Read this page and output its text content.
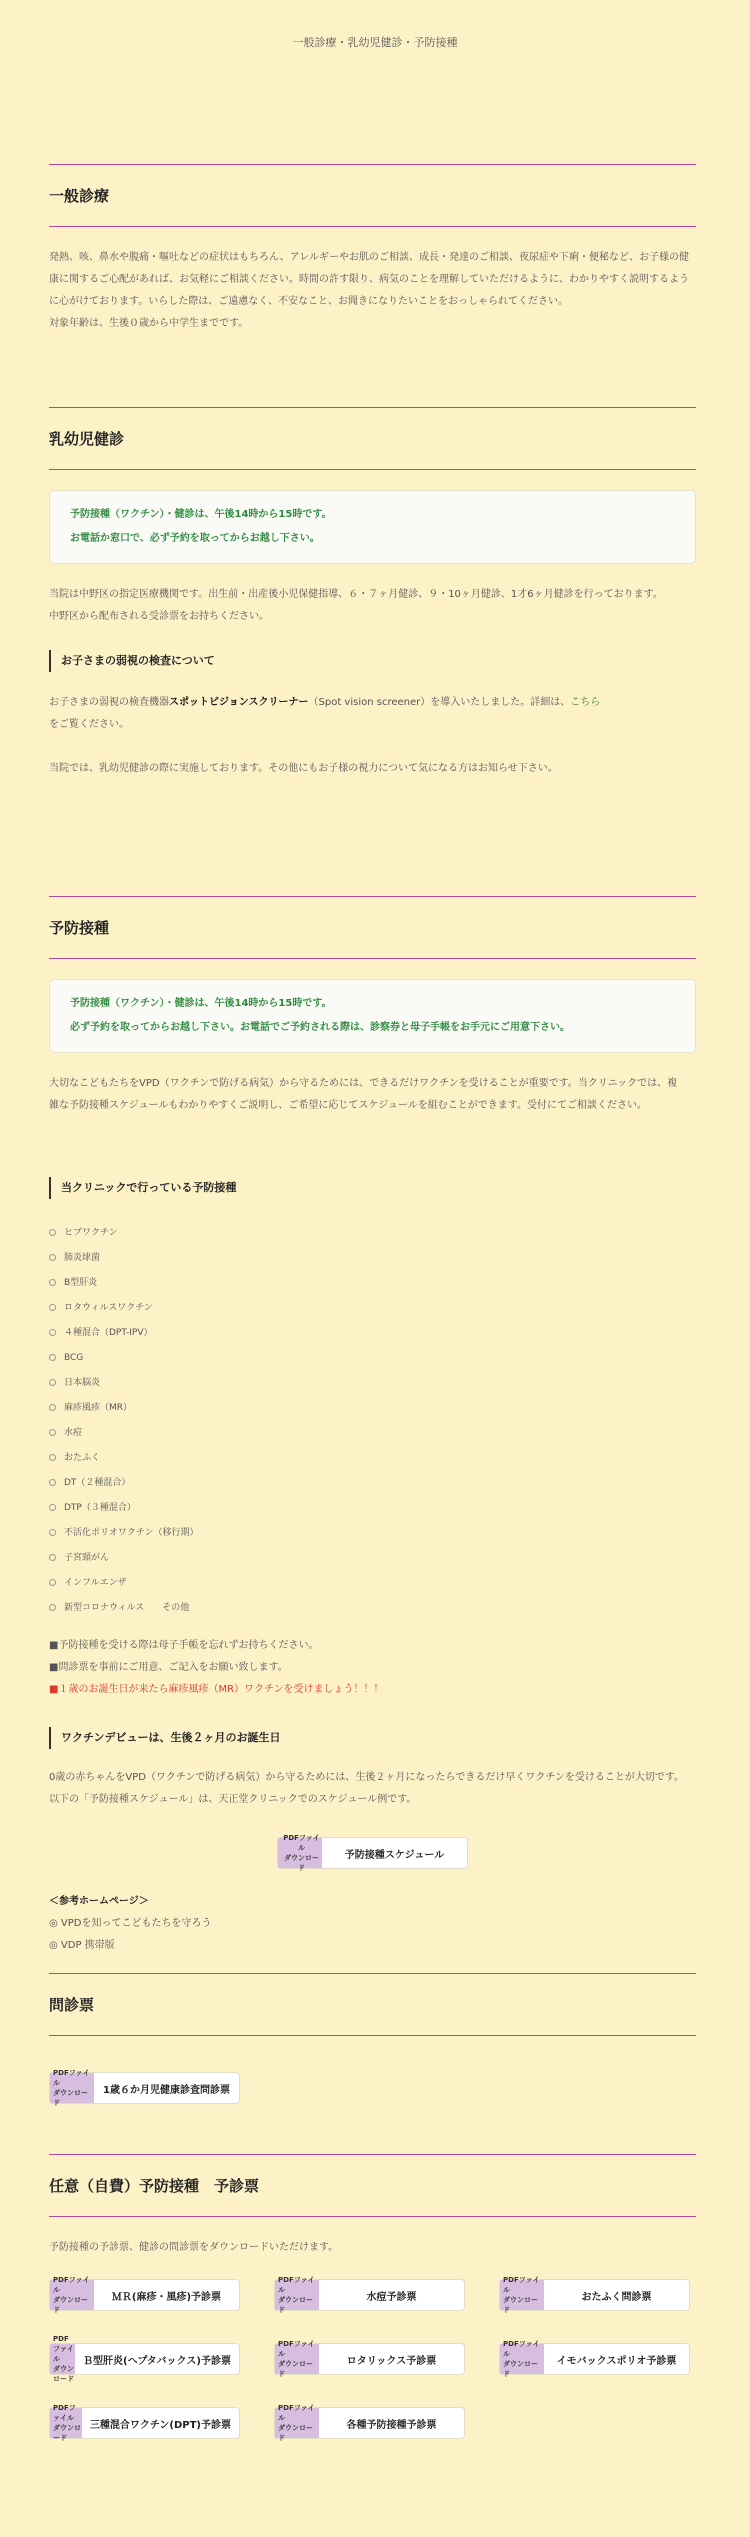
一般診療・乳幼児健診・予防接種
一般診療
発熱、咳、鼻水や腹痛・嘔吐などの症状はもちろん、アレルギーやお肌のご相談、成長・発達のご相談、夜尿症や下痢・便秘など、お子様の健康に関するご心配があれば、お気軽にご相談ください。時間の許す限り、病気のことを理解していただけるように、わかりやすく説明するように心がけております。いらした際は、ご遠慮なく、不安なこと、お聞きになりたいことをおっしゃられてください。
対象年齢は、生後０歳から中学生までです。
乳幼児健診
予防接種（ワクチン）・健診は、午後14時から15時です。
お電話か窓口で、必ず予約を取ってからお越し下さい。
当院は中野区の指定医療機関です。出生前・出産後小児保健指導、６・７ヶ月健診、９・10ヶ月健診、1才6ヶ月健診を行っております。
中野区から配布される受診票をお持ちください。
お子さまの弱視の検査について
お子さまの弱視の検査機器スポットビジョンスクリーナー（Spot vision screener）を導入いたしました。詳細は、こちら
をご覧ください。
当院では、乳幼児健診の際に実施しております。その他にもお子様の視力について気になる方はお知らせ下さい。
予防接種
予防接種（ワクチン）・健診は、午後14時から15時です。
必ず予約を取ってからお越し下さい。お電話でご予約される際は、診察券と母子手帳をお手元にご用意下さい。
大切なこどもたちをVPD（ワクチンで防げる病気）から守るためには、できるだけワクチンを受けることが重要です。当クリニックでは、複
雑な予防接種スケジュールもわかりやすくご説明し、ご希望に応じてスケジュールを組むことができます。受付にてご相談ください。
当クリニックで行っている予防接種
ヒブワクチン
肺炎球菌
B型肝炎
ロタウィルスワクチン
４種混合（DPT-IPV）
BCG
日本脳炎
麻疹風疹（MR）
水痘
おたふく
DT（２種混合）
DTP（３種混合）
不活化ポリオワクチン（移行期）
子宮頸がん
インフルエンザ
新型コロナウィルス　　その他
■予防接種を受ける際は母子手帳を忘れずお持ちください。
■問診票を事前にご用意、ご記入をお願い致します。
■１歳のお誕生日が来たら麻疹風疹（MR）ワクチンを受けましょう！！！
ワクチンデビューは、生後２ヶ月のお誕生日
0歳の赤ちゃんをVPD（ワクチンで防げる病気）から守るためには、生後２ヶ月になったらできるだけ早くワクチンを受けることが大切です。
以下の「予防接種スケジュール」は、天正堂クリニックでのスケジュール例です。
PDFファイル
ダウンロード
予防接種スケジュール
＜参考ホームページ＞
◎ VPDを知ってこどもたちを守ろう
◎ VDP 携帯版
問診票
PDFファイル
ダウンロード
1歳６か月児健康診査問診票
任意（自費）予防接種　予診票
予防接種の予診票、健診の問診票をダウンロードいただけます。
PDFファイル
ダウンロード
ＭＲ(麻疹・風疹)予診票
PDFファイル
ダウンロード
水痘予診票
PDFファイル
ダウンロード
おたふく問診票
PDFファイル
ダウンロード
Ｂ型肝炎(ヘプタバックス)予診票
PDFファイル
ダウンロード
ロタリックス予診票
PDFファイル
ダウンロード
イモバックスポリオ予診票
PDFファイル
ダウンロード
三種混合ワクチン(DPT)予診票
PDFファイル
ダウンロード
各種予防接種予診票
